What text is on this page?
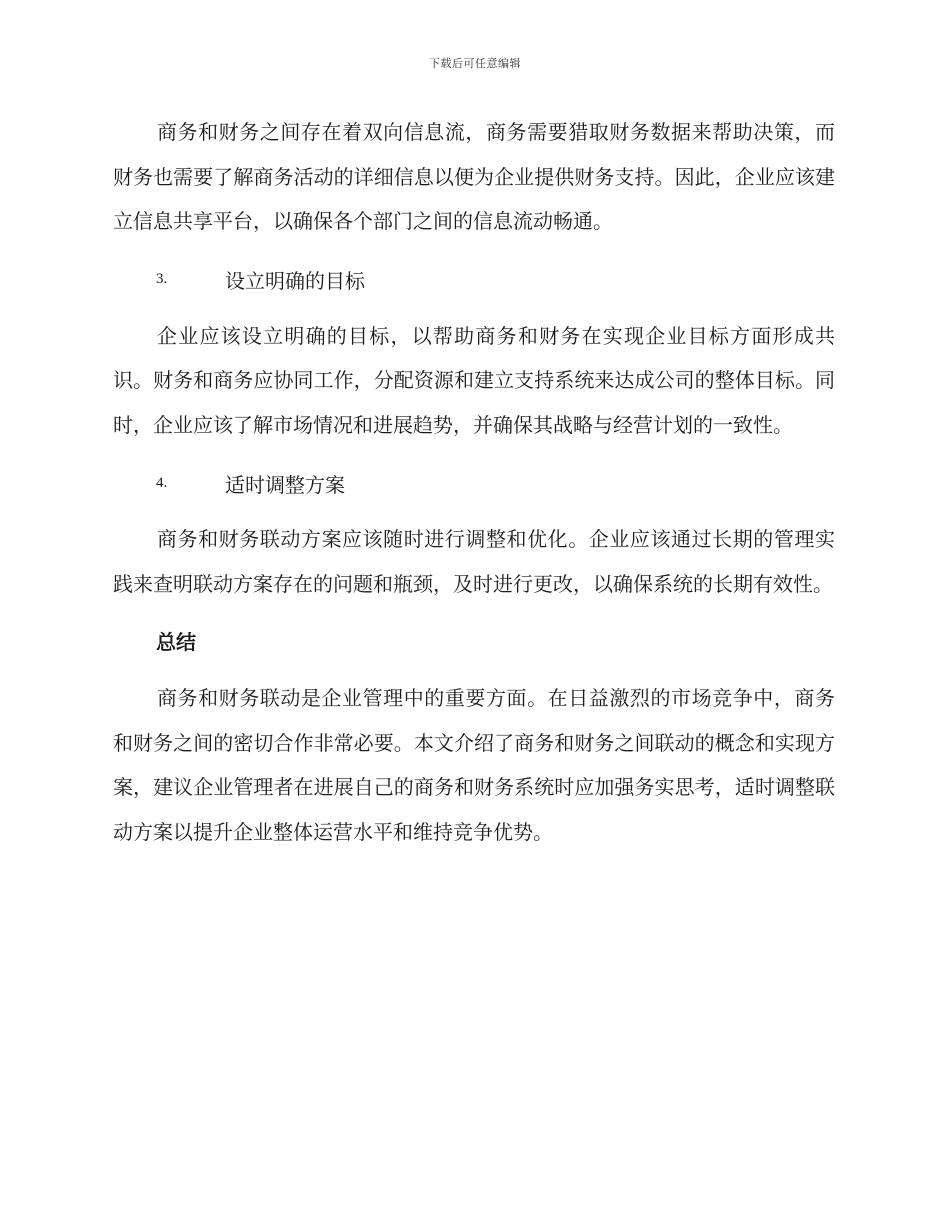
下载后可任意编辑

商务和财务之间存在着双向信息流，商务需要猎取财务数据来帮助决策，而财务也需要了解商务活动的详细信息以便为企业提供财务支持。因此，企业应该建立信息共享平台，以确保各个部门之间的信息流动畅通。

3.	设立明确的目标

企业应该设立明确的目标，以帮助商务和财务在实现企业目标方面形成共识。财务和商务应协同工作，分配资源和建立支持系统来达成公司的整体目标。同时，企业应该了解市场情况和进展趋势，并确保其战略与经营计划的一致性。

4.	适时调整方案

商务和财务联动方案应该随时进行调整和优化。企业应该通过长期的管理实践来查明联动方案存在的问题和瓶颈，及时进行更改，以确保系统的长期有效性。

总结

商务和财务联动是企业管理中的重要方面。在日益激烈的市场竞争中，商务和财务之间的密切合作非常必要。本文介绍了商务和财务之间联动的概念和实现方案，建议企业管理者在进展自己的商务和财务系统时应加强务实思考，适时调整联动方案以提升企业整体运营水平和维持竞争优势。
